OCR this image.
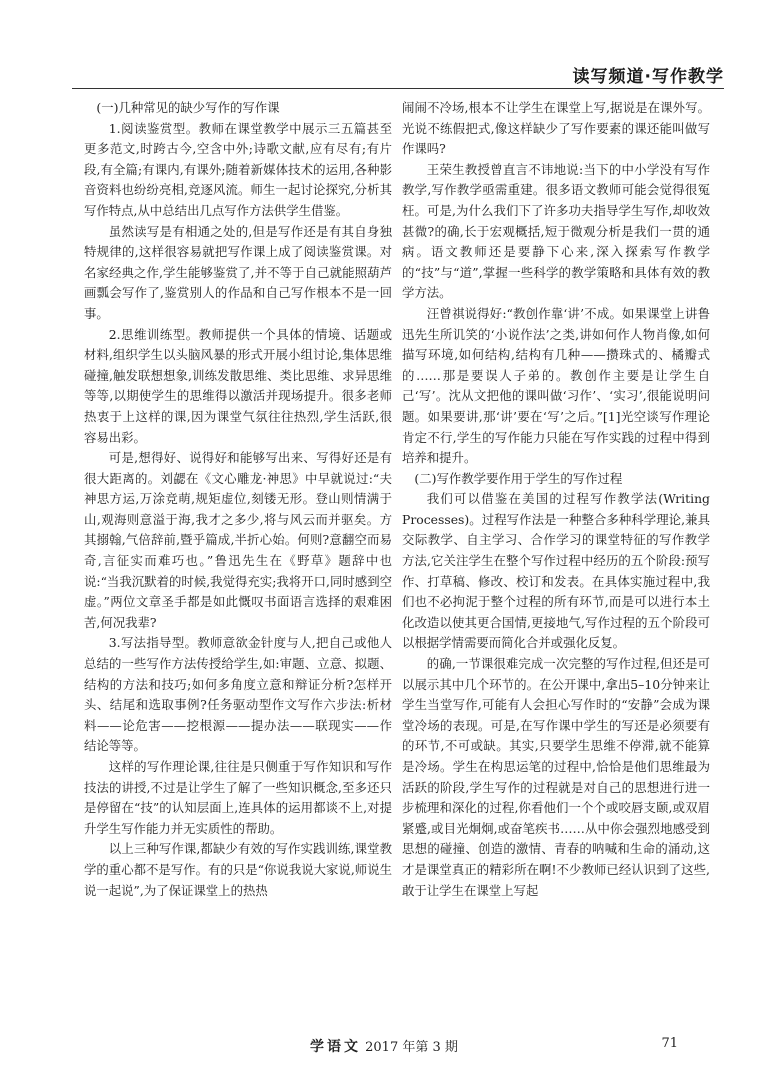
读写频道·写作教学

(一)几种常见的缺少写作的写作课

1.阅读鉴赏型。教师在课堂教学中展示三五篇甚至更多范文,时跨古今,空含中外;诗歌文献,应有尽有;有片段,有全篇;有课内,有课外;随着新媒体技术的运用,各种影音资料也纷纷亮相,竞逐风流。师生一起讨论探究,分析其写作特点,从中总结出几点写作方法供学生借鉴。

虽然读写是有相通之处的,但是写作还是有其自身独特规律的,这样很容易就把写作课上成了阅读鉴赏课。对名家经典之作,学生能够鉴赏了,并不等于自己就能照葫芦画瓢会写作了,鉴赏别人的作品和自己写作根本不是一回事。

2.思维训练型。教师提供一个具体的情境、话题或材料,组织学生以头脑风暴的形式开展小组讨论,集体思维碰撞,触发联想想象,训练发散思维、类比思维、求异思维等等,以期使学生的思维得以激活并现场提升。很多老师热衷于上这样的课,因为课堂气氛往往热烈,学生活跃,很容易出彩。

可是,想得好、说得好和能够写出来、写得好还是有很大距离的。刘勰在《文心雕龙·神思》中早就说过:“夫神思方运,万涂竞萌,规矩虚位,刻镂无形。登山则情满于山,观海则意溢于海,我才之多少,将与风云而并驱矣。方其搦翰,气倍辞前,暨乎篇成,半折心始。何则?意翻空而易奇,言征实而难巧也。”鲁迅先生在《野草》题辞中也说:“当我沉默着的时候,我觉得充实;我将开口,同时感到空虚。”两位文章圣手都是如此慨叹书面语言选择的艰难困苦,何况我辈?

3.写法指导型。教师意欲金针度与人,把自己或他人总结的一些写作方法传授给学生,如:审题、立意、拟题、结构的方法和技巧;如何多角度立意和辩证分析?怎样开头、结尾和选取事例?任务驱动型作文写作六步法:析材料——论危害——挖根源——提办法——联现实——作结论等等。

这样的写作理论课,往往是只侧重于写作知识和写作技法的讲授,不过是让学生了解了一些知识概念,至多还只是停留在“技”的认知层面上,连具体的运用都谈不上,对提升学生写作能力并无实质性的帮助。

以上三种写作课,都缺少有效的写作实践训练,课堂教学的重心都不是写作。有的只是“你说我说大家说,师说生说一起说”,为了保证课堂上的热热

闹闹不冷场,根本不让学生在课堂上写,据说是在课外写。光说不练假把式,像这样缺少了写作要素的课还能叫做写作课吗?

王荣生教授曾直言不讳地说:当下的中小学没有写作教学,写作教学亟需重建。很多语文教师可能会觉得很冤枉。可是,为什么我们下了许多功夫指导学生写作,却收效甚微?的确,长于宏观概括,短于微观分析是我们一贯的通病。语文教师还是要静下心来,深入探索写作教学的“技”与“道”,掌握一些科学的教学策略和具体有效的教学方法。

汪曾祺说得好:“教创作靠‘讲’不成。如果课堂上讲鲁迅先生所讥笑的‘小说作法’之类,讲如何作人物肖像,如何描写环境,如何结构,结构有几种——攒珠式的、橘瓣式的……那是要误人子弟的。教创作主要是让学生自己‘写’。沈从文把他的课叫做‘习作’、‘实习’,很能说明问题。如果要讲,那‘讲’要在‘写’之后。”[1]光空谈写作理论肯定不行,学生的写作能力只能在写作实践的过程中得到培养和提升。

(二)写作教学要作用于学生的写作过程

我们可以借鉴在美国的过程写作教学法(Writing Processes)。过程写作法是一种整合多种科学理论,兼具交际教学、自主学习、合作学习的课堂特征的写作教学方法,它关注学生在整个写作过程中经历的五个阶段:预写作、打草稿、修改、校订和发表。在具体实施过程中,我们也不必拘泥于整个过程的所有环节,而是可以进行本土化改造以使其更合国情,更接地气,写作过程的五个阶段可以根据学情需要而简化合并或强化反复。

的确,一节课很难完成一次完整的写作过程,但还是可以展示其中几个环节的。在公开课中,拿出5–10分钟来让学生当堂写作,可能有人会担心写作时的“安静”会成为课堂冷场的表现。可是,在写作课中学生的写还是必须要有的环节,不可或缺。其实,只要学生思维不停滞,就不能算是冷场。学生在构思运笔的过程中,恰恰是他们思维最为活跃的阶段,学生写作的过程就是对自己的思想进行进一步梳理和深化的过程,你看他们一个个或咬唇支颐,或双眉紧蹙,或目光炯炯,或奋笔疾书……从中你会强烈地感受到思想的碰撞、创造的激情、青春的呐喊和生命的涌动,这才是课堂真正的精彩所在啊!不少教师已经认识到了这些,敢于让学生在课堂上写起

学语文 2017 年第 3 期	71
